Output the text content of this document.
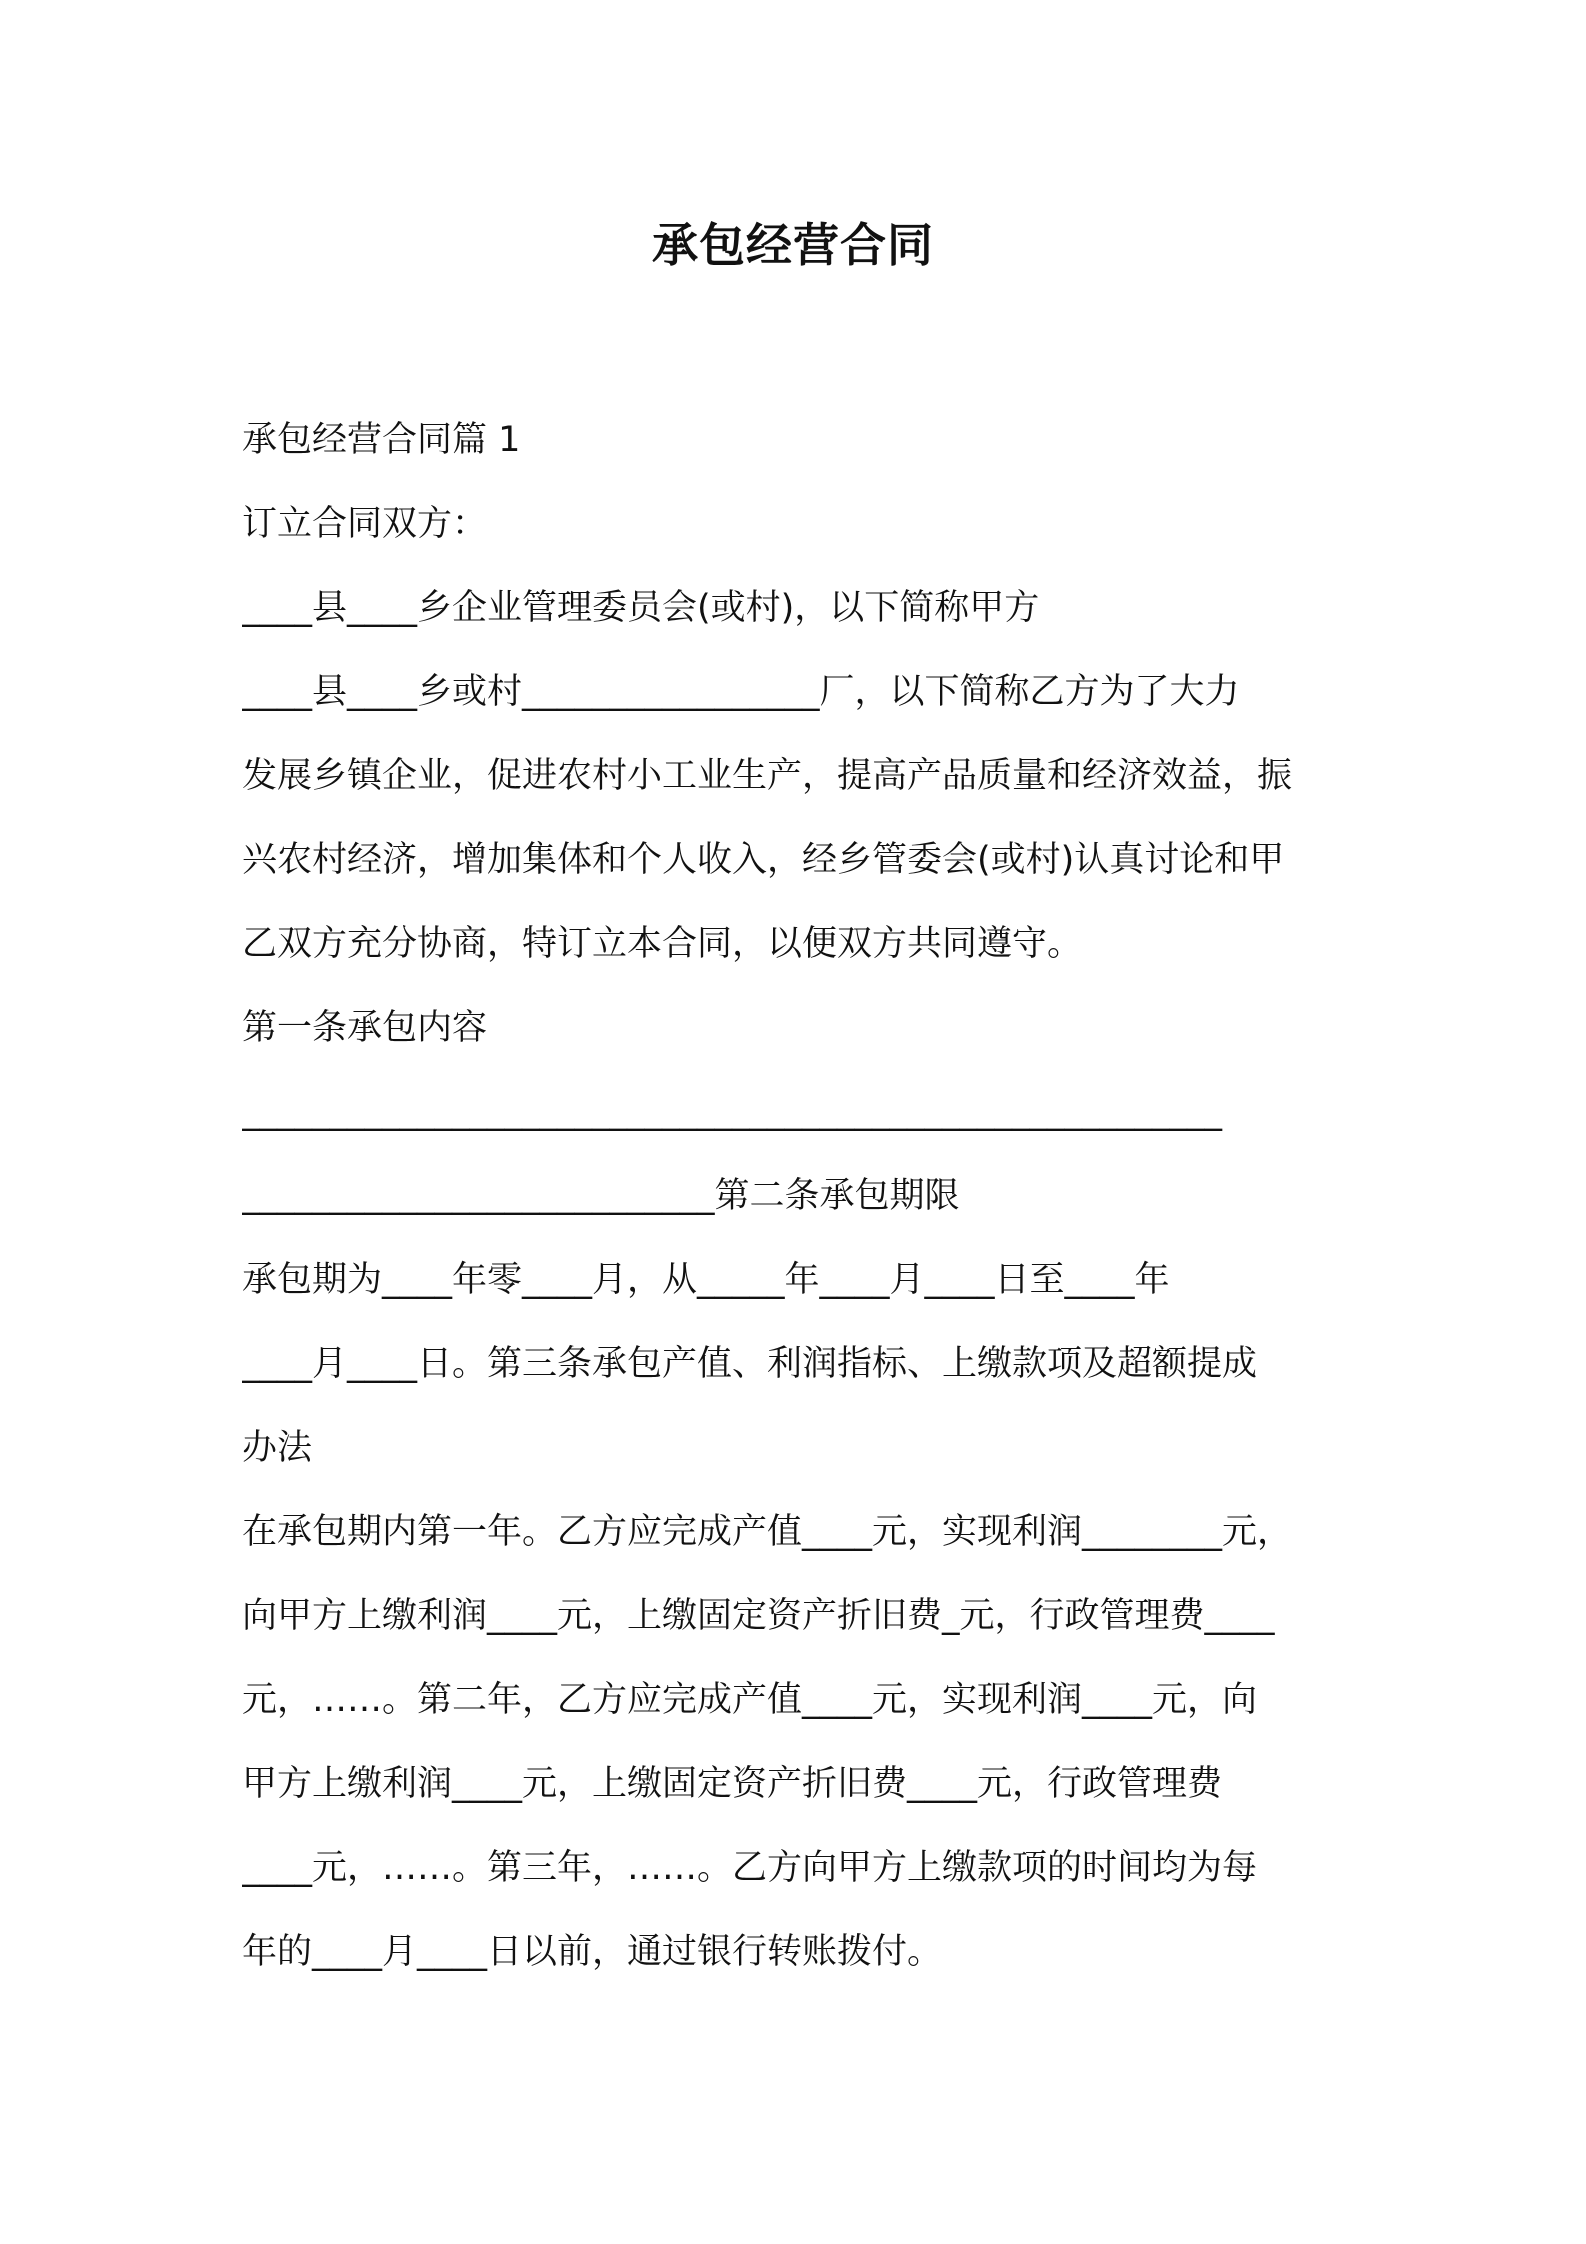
承包经营合同
承包经营合同篇 1
订立合同双方：
____县____乡企业管理委员会(或村)，以下简称甲方
____县____乡或村_________________厂，以下简称乙方为了大力
发展乡镇企业，促进农村小工业生产，提高产品质量和经济效益，振
兴农村经济，增加集体和个人收入，经乡管委会(或村)认真讨论和甲
乙双方充分协商，特订立本合同，以便双方共同遵守。
第一条承包内容
________________________________________________________
___________________________第二条承包期限
承包期为____年零____月，从_____年____月____日至____年
____月____日。第三条承包产值、利润指标、上缴款项及超额提成
办法
在承包期内第一年。乙方应完成产值____元，实现利润________元，
向甲方上缴利润____元，上缴固定资产折旧费_元，行政管理费____
元，……。第二年，乙方应完成产值____元，实现利润____元，向
甲方上缴利润____元，上缴固定资产折旧费____元，行政管理费
____元，……。第三年，……。乙方向甲方上缴款项的时间均为每
年的____月____日以前，通过银行转账拨付。
